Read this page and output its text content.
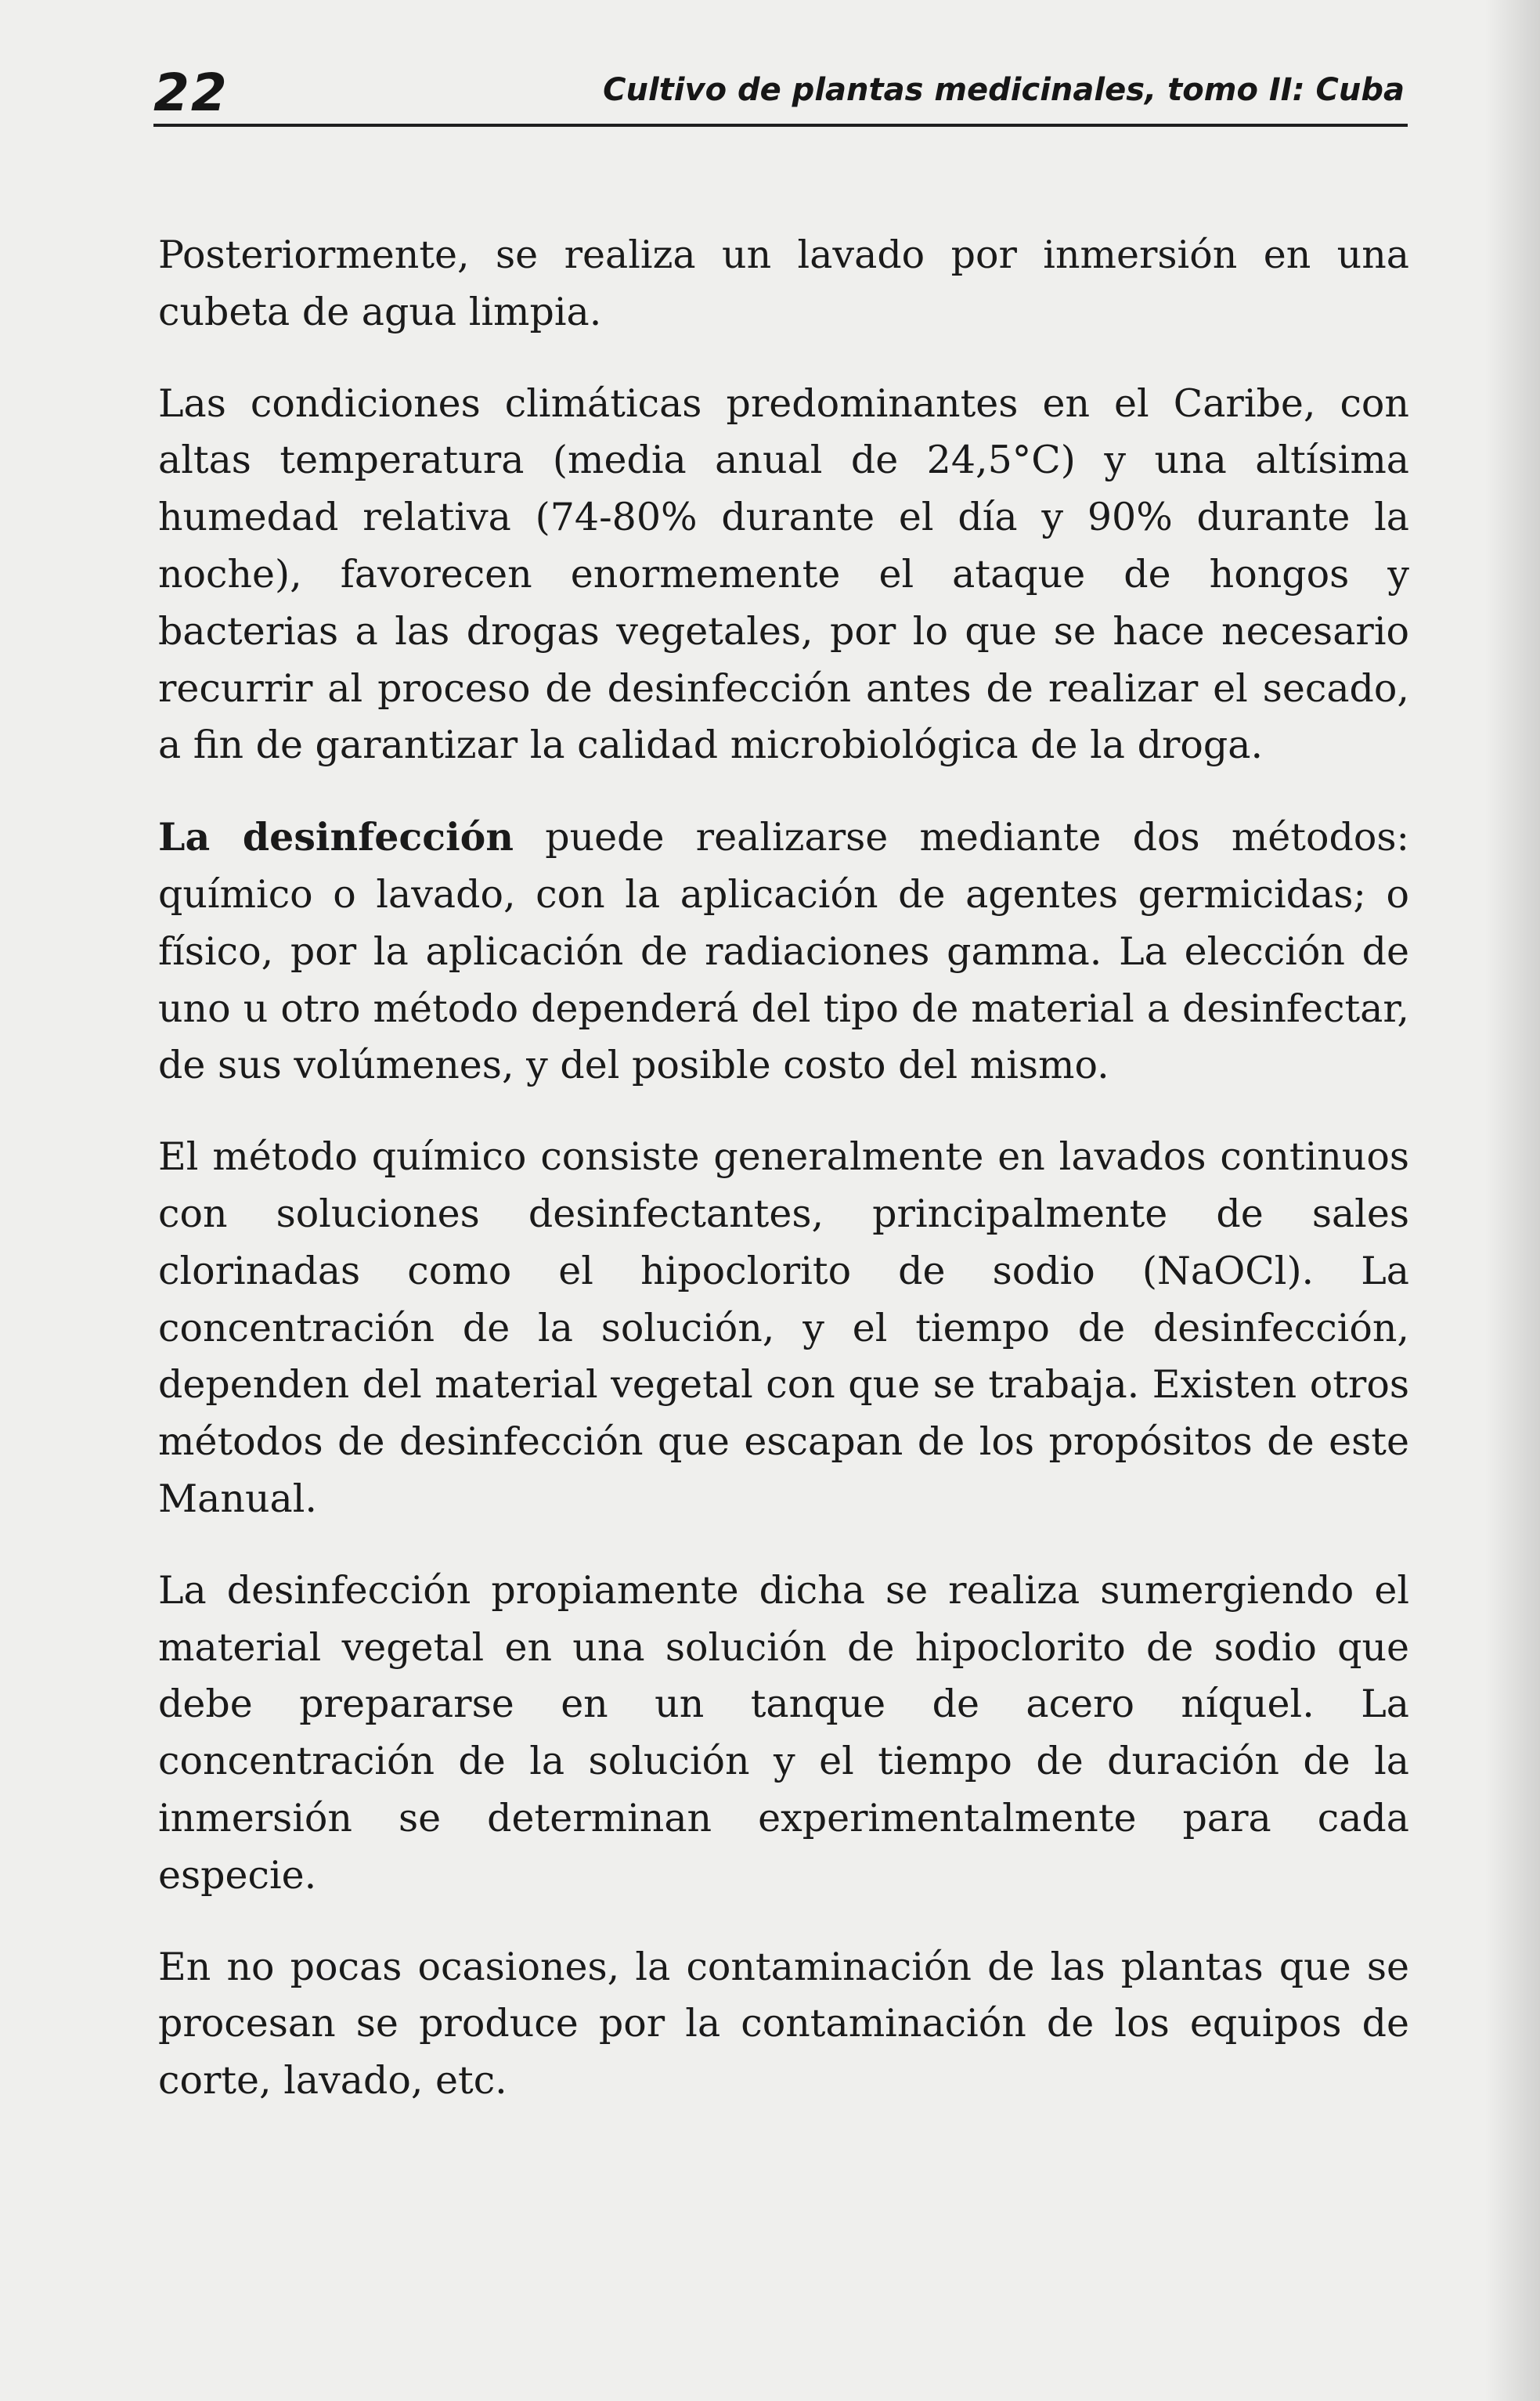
22	Cultivo de plantas medicinales, tomo II: Cuba

Posteriormente, se realiza un lavado por inmersión en una cubeta de agua limpia.

Las condiciones climáticas predominantes en el Caribe, con altas temperatura (media anual de 24,5°C) y una altísima humedad relativa (74-80% durante el día y 90% durante la noche), favorecen enormemente el ataque de hongos y bacterias a las drogas vegetales, por lo que se hace necesario recurrir al proceso de desinfección antes de realizar el secado, a fin de garantizar la calidad microbiológica de la droga.

La desinfección puede realizarse mediante dos métodos: químico o lavado, con la aplicación de agentes germicidas; o físico, por la aplicación de radiaciones gamma. La elección de uno u otro método dependerá del tipo de material a desinfectar, de sus volúmenes, y del posible costo del mismo.

El método químico consiste generalmente en lavados continuos con soluciones desinfectantes, principalmente de sales clorinadas como el hipoclorito de sodio (NaOCl). La concentración de la solución, y el tiempo de desinfección, dependen del material vegetal con que se trabaja. Existen otros métodos de desinfección que escapan de los propósitos de este Manual.

La desinfección propiamente dicha se realiza sumergiendo el material vegetal en una solución de hipoclorito de sodio que debe prepararse en un tanque de acero níquel. La concentración de la solución y el tiempo de duración de la inmersión se determinan experimentalmente para cada especie.

En no pocas ocasiones, la contaminación de las plantas que se procesan se produce por la contaminación de los equipos de corte, lavado, etc.
